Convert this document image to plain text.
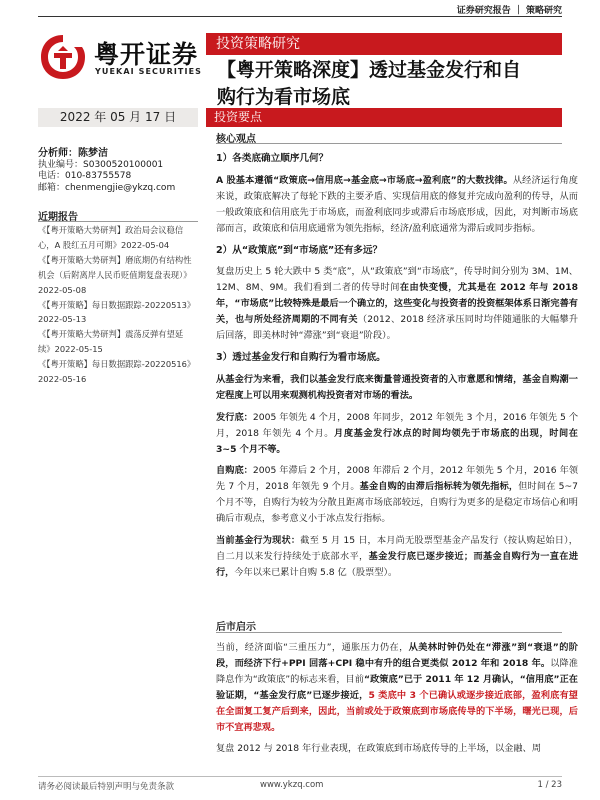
证券研究报告 ｜ 策略研究
粤开证券
YUEKAI SECURITIES
投资策略研究
【粤开策略深度】透过基金发行和自
购行为看市场底
2022 年 05 月 17 日	投资要点
分析师：陈梦洁
执业编号：S0300520100001
电话：010-83755578
邮箱：chenmengjie@ykzq.com
近期报告
《【粤开策略大势研判】政治局会议稳信
心，A 股红五月可期》2022-05-04
《【粤开策略大势研判】磨底期仍有结构性
机会（后附离岸人民币贬值期复盘表现）》
2022-05-08
《【粤开策略】每日数据跟踪-20220513》
2022-05-13
《【粤开策略大势研判】震荡反弹有望延
续》2022-05-15
《【粤开策略】每日数据跟踪-20220516》
2022-05-16
核心观点
1）各类底确立顺序几何？
A 股基本遵循“政策底→信用底→基金底→市场底→盈利底”的大数找律。从经济运行角度来说，政策底解决了每轮下跌的主要矛盾、实现信用底的修复并完成向盈利的传导，从而一般政策底和信用底先于市场底，而盈利底同步或滞后市场底形成，因此，对判断市场底部而言，政策底和信用底通常为领先指标，经济/盈利底通常为滞后或同步指标。
2）从“政策底”到“市场底”还有多远？
复盘历史上 5 轮大跌中 5 类“底”，从“政策底”到“市场底”，传导时间分别为 3M、1M、12M、8M、9M。我们看到二者的传导时间在由快变慢，尤其是在 2012 年与 2018 年，“市场底”比较特殊是最后一个确立的，这些变化与投资者的投资框架体系日渐完善有关，也与所处经济周期的不同有关（2012、2018 经济承压同时均伴随通胀的大幅攀升后回落，即美林时钟“滞涨”到“衰退”阶段）。
3）透过基金发行和自购行为看市场底。
从基金行为来看，我们以基金发行底来衡量普通投资者的入市意愿和情绪，基金自购潮一定程度上可以用来观测机构投资者对市场的看法。
发行底：2005 年领先 4 个月，2008 年同步，2012 年领先 3 个月，2016 年领先 5 个月，2018 年领先 4 个月。月度基金发行冰点的时间均领先于市场底的出现，时间在 3~5 个月不等。
自购底：2005 年滞后 2 个月，2008 年滞后 2 个月，2012 年领先 5 个月，2016 年领先 7 个月，2018 年领先 9 个月。基金自购的由滞后指标转为领先指标，但时间在 5~7 个月不等，自购行为较为分散且距离市场底部较远，自购行为更多的是稳定市场信心和明确后市观点，参考意义小于冰点发行指标。
当前基金行为现状：截至 5 月 15 日，本月尚无股票型基金产品发行（按认购起始日），自二月以来发行持续处于底部水平，基金发行底已逐步接近；而基金自购行为一直在进行，今年以来已累计自购 5.8 亿（股票型）。
后市启示
当前，经济面临“三重压力”，通胀压力仍在，从美林时钟仍处在“滞涨”到“衰退”的阶段，而经济下行+PPI 回落+CPI 稳中有升的组合更类似 2012 年和 2018 年。以降准降息作为“政策底”的标志来看，目前“政策底”已于 2011 年 12 月确认，“信用底”正在验证期，“基金发行底”已逐步接近，5 类底中 3 个已确认或逐步接近底部，盈利底有望在全面复工复产后到来，因此，当前或处于政策底到市场底传导的下半场，曙光已现，后市不宜再悲观。
复盘 2012 与 2018 年行业表现，在政策底到市场底传导的上半场，以金融、周
请务必阅读最后特别声明与免责条款	www.ykzq.com	1 / 23
